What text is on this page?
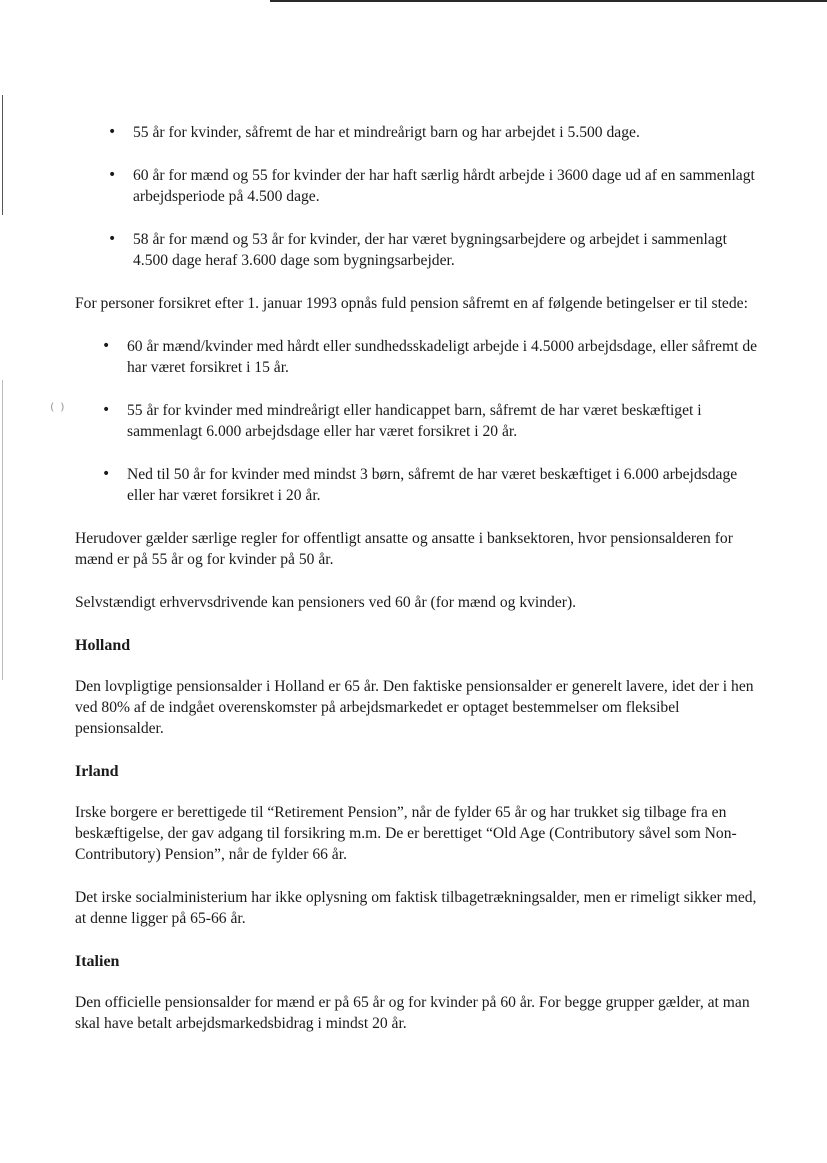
⁽ ⁾
• 55 år for kvinder, såfremt de har et mindreårigt barn og har arbejdet i 5.500 dage.
• 60 år for mænd og 55 for kvinder der har haft særlig hårdt arbejde i 3600 dage ud af en sammenlagt arbejdsperiode på 4.500 dage.
• 58 år for mænd og 53 år for kvinder, der har været bygningsarbejdere og arbejdet i sammenlagt 4.500 dage heraf 3.600 dage som bygningsarbejder.

For personer forsikret efter 1. januar 1993 opnås fuld pension såfremt en af følgende betingelser er til stede:

• 60 år mænd/kvinder med hårdt eller sundhedsskadeligt arbejde i 4.5000 arbejdsdage, eller såfremt de har været forsikret i 15 år.
• 55 år for kvinder med mindreårigt eller handicappet barn, såfremt de har været beskæftiget i sammenlagt 6.000 arbejdsdage eller har været forsikret i 20 år.
• Ned til 50 år for kvinder med mindst 3 børn, såfremt de har været beskæftiget i 6.000 arbejdsdage eller har været forsikret i 20 år.

Herudover gælder særlige regler for offentligt ansatte og ansatte i banksektoren, hvor pensionsalderen for mænd er på 55 år og for kvinder på 50 år.

Selvstændigt erhvervsdrivende kan pensioners ved 60 år (for mænd og kvinder).

Holland

Den lovpligtige pensionsalder i Holland er 65 år. Den faktiske pensionsalder er generelt lavere, idet der i hen ved 80% af de indgået overenskomster på arbejdsmarkedet er optaget bestemmelser om fleksibel pensionsalder.

Irland

Irske borgere er berettigede til “Retirement Pension”, når de fylder 65 år og har trukket sig tilbage fra en beskæftigelse, der gav adgang til forsikring m.m. De er berettiget “Old Age (Contributory såvel som Non-Contributory) Pension”, når de fylder 66 år.

Det irske socialministerium har ikke oplysning om faktisk tilbagetrækningsalder, men er rimeligt sikker med, at denne ligger på 65-66 år.

Italien

Den officielle pensionsalder for mænd er på 65 år og for kvinder på 60 år. For begge grupper gælder, at man skal have betalt arbejdsmarkedsbidrag i mindst 20 år.
